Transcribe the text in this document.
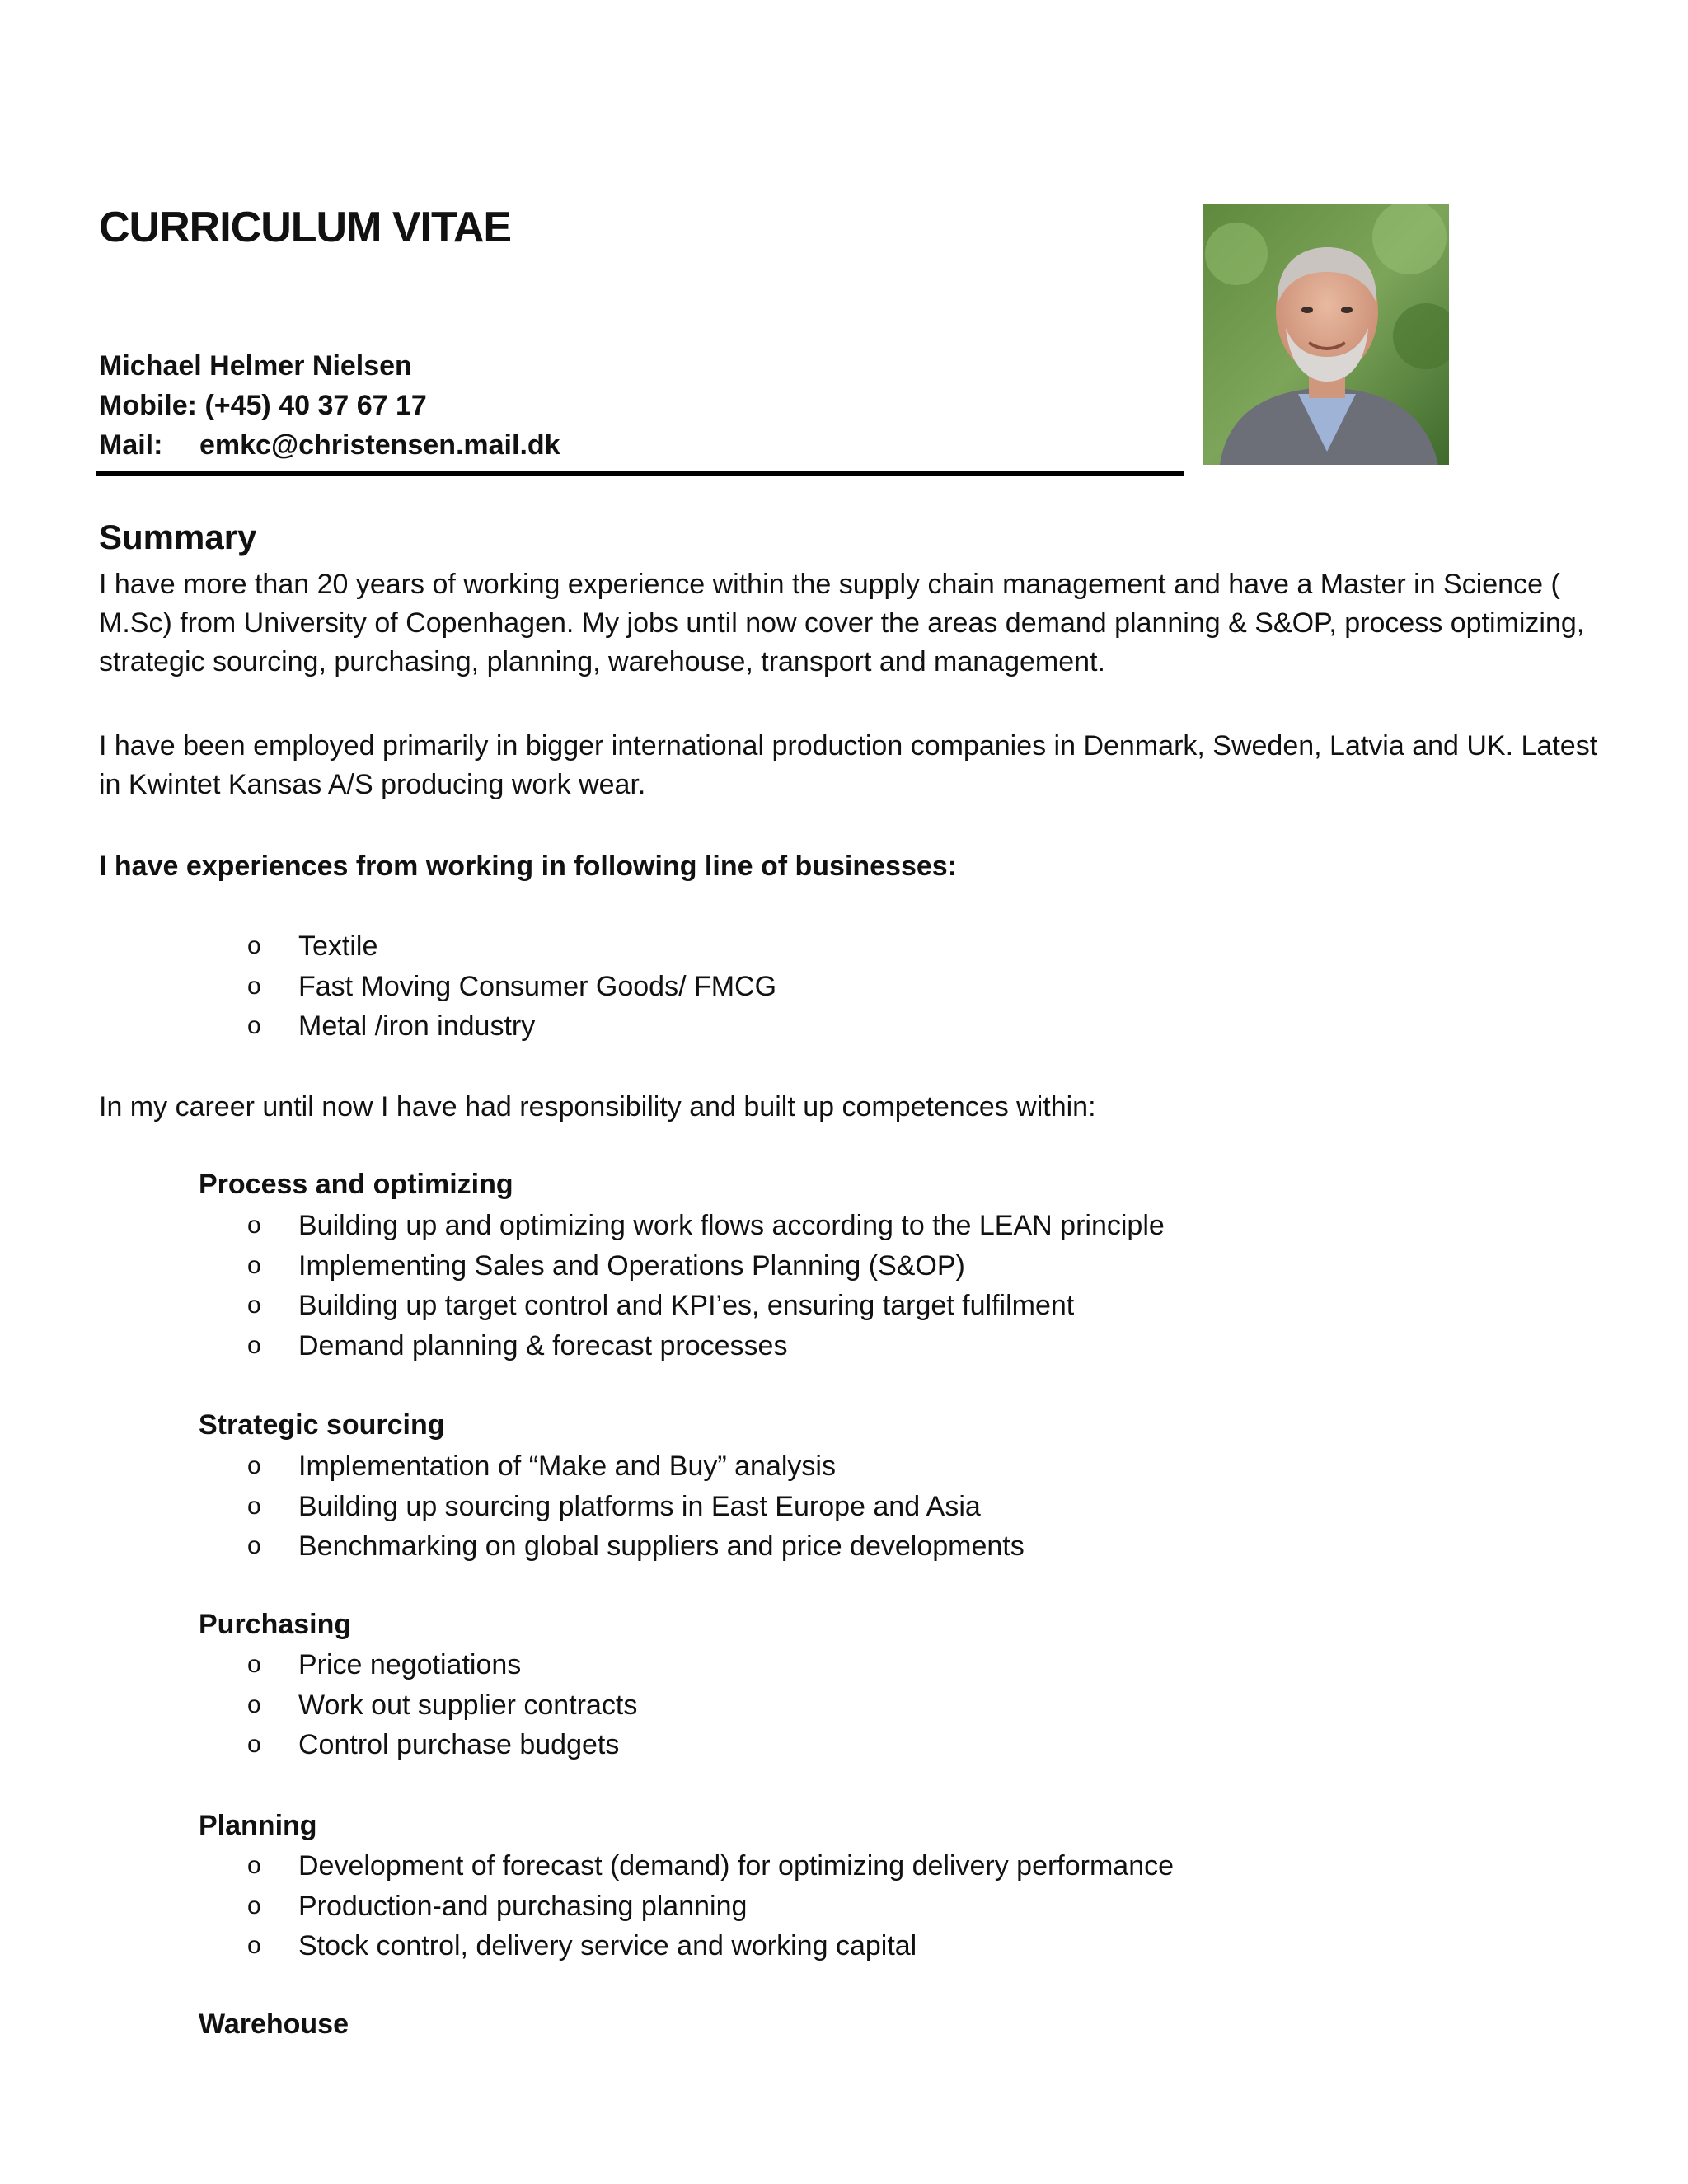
CURRICULUM VITAE
Michael Helmer Nielsen
Mobile: (+45) 40 37 67 17
Mail: emkc@christensen.mail.dk
Summary

I have more than 20 years of working experience within the supply chain management and have a Master in Science ( M.Sc) from University of Copenhagen. My jobs until now cover the areas demand planning & S&OP, process optimizing, strategic sourcing, purchasing, planning, warehouse, transport and management.

I have been employed primarily in bigger international production companies in Denmark, Sweden, Latvia and UK. Latest in Kwintet Kansas A/S producing work wear.

I have experiences from working in following line of businesses:

o Textile
o Fast Moving Consumer Goods/ FMCG
o Metal /iron industry

In my career until now I have had responsibility and built up competences within:

Process and optimizing

o Building up and optimizing work flows according to the LEAN principle
o Implementing Sales and Operations Planning (S&OP)
o Building up target control and KPI’es, ensuring target fulfilment
o Demand planning & forecast processes

Strategic sourcing

o Implementation of “Make and Buy” analysis
o Building up sourcing platforms in East Europe and Asia
o Benchmarking on global suppliers and price developments

Purchasing

o Price negotiations
o Work out supplier contracts
o Control purchase budgets

Planning

o Development of forecast (demand) for optimizing delivery performance
o Production-and purchasing planning
o Stock control, delivery service and working capital

Warehouse
